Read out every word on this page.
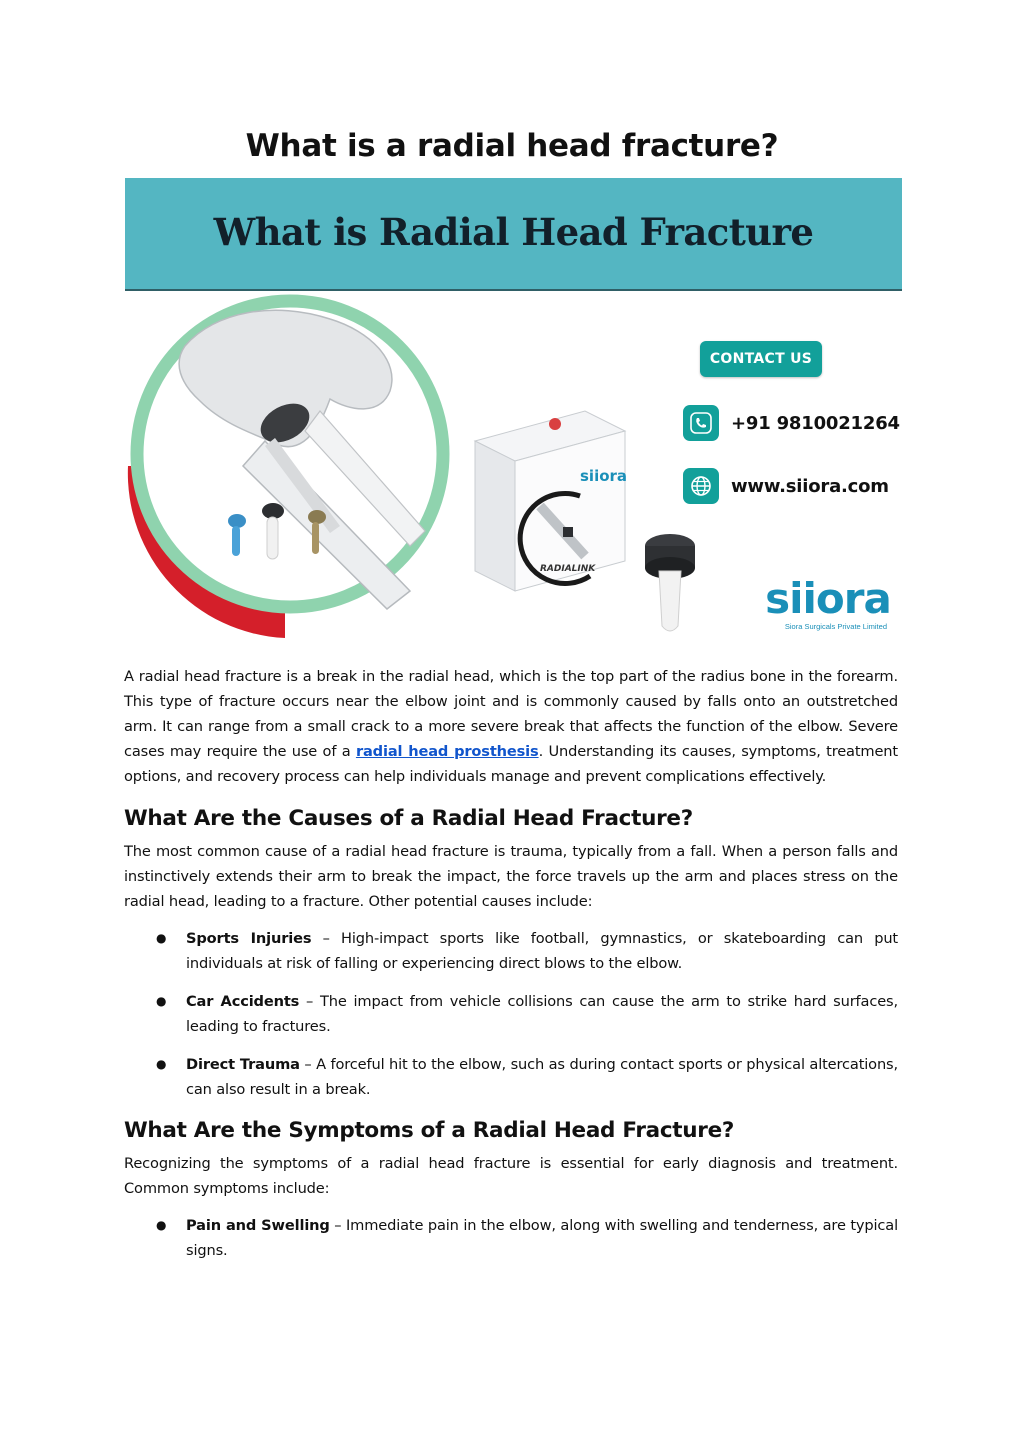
What is a radial head fracture?
What is Radial Head Fracture
siiora
RADIALINK
CONTACT US
+91 9810021264
www.siiora.com
siiora
Siora Surgicals Private Limited

A radial head fracture is a break in the radial head, which is the top part of the radius bone in the forearm. This type of fracture occurs near the elbow joint and is commonly caused by falls onto an outstretched arm. It can range from a small crack to a more severe break that affects the function of the elbow. Severe cases may require the use of a radial head prosthesis. Understanding its causes, symptoms, treatment options, and recovery process can help individuals manage and prevent complications effectively.

What Are the Causes of a Radial Head Fracture?

The most common cause of a radial head fracture is trauma, typically from a fall. When a person falls and instinctively extends their arm to break the impact, the force travels up the arm and places stress on the radial head, leading to a fracture. Other potential causes include:

● Sports Injuries – High-impact sports like football, gymnastics, or skateboarding can put individuals at risk of falling or experiencing direct blows to the elbow.
● Car Accidents – The impact from vehicle collisions can cause the arm to strike hard surfaces, leading to fractures.
● Direct Trauma – A forceful hit to the elbow, such as during contact sports or physical altercations, can also result in a break.
What Are the Symptoms of a Radial Head Fracture?

Recognizing the symptoms of a radial head fracture is essential for early diagnosis and treatment. Common symptoms include:

● Pain and Swelling – Immediate pain in the elbow, along with swelling and tenderness, are typical signs.
